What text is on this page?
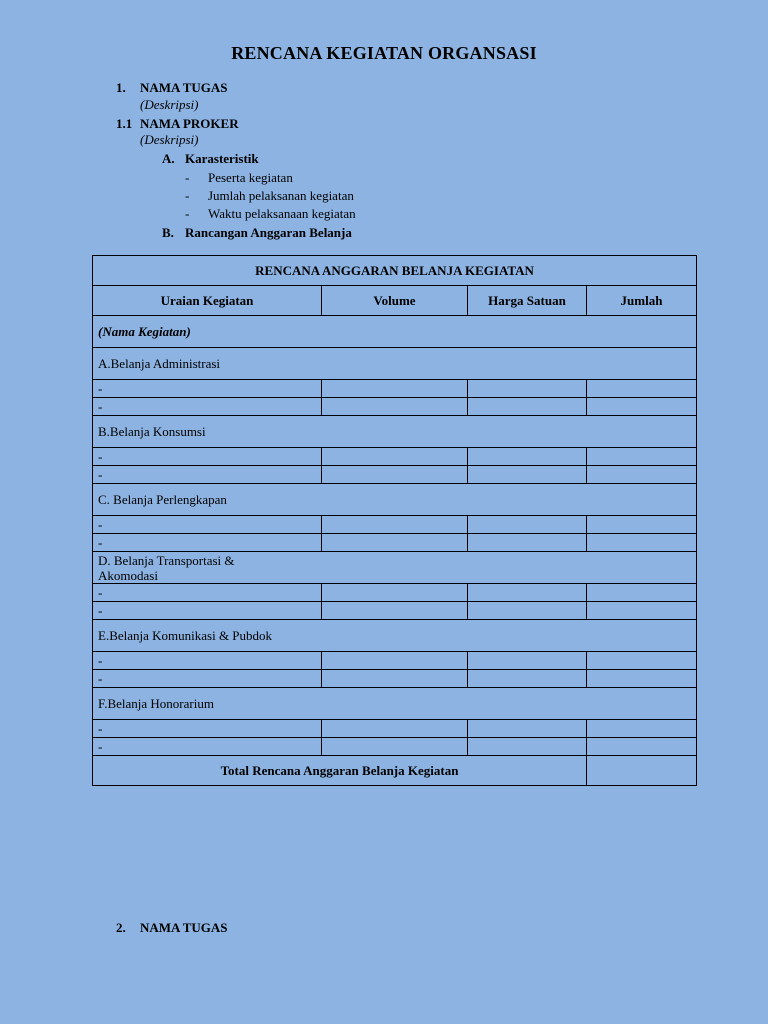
RENCANA KEGIATAN ORGANSASI
1. NAMA TUGAS
(Deskripsi)
1.1 NAMA PROKER
(Deskripsi)
A. Karasteristik
- Peserta kegiatan
- Jumlah pelaksanan kegiatan
- Waktu pelaksanaan kegiatan
B. Rancangan Anggaran Belanja
RENCANA ANGGARAN BELANJA KEGIATAN			
Uraian Kegiatan	Volume	Harga Satuan	Jumlah
(Nama Kegiatan)			
A.Belanja Administrasi			
-			
-			
B.Belanja Konsumsi			
-			
-			
C. Belanja Perlengkapan			
-			
-			
D. Belanja Transportasi &
Akomodasi			
-			
-			
E.Belanja Komunikasi & Pubdok			
-			
-			
F.Belanja Honorarium			
-			
-			
Total Rencana Anggaran Belanja Kegiatan			
2. NAMA TUGAS
